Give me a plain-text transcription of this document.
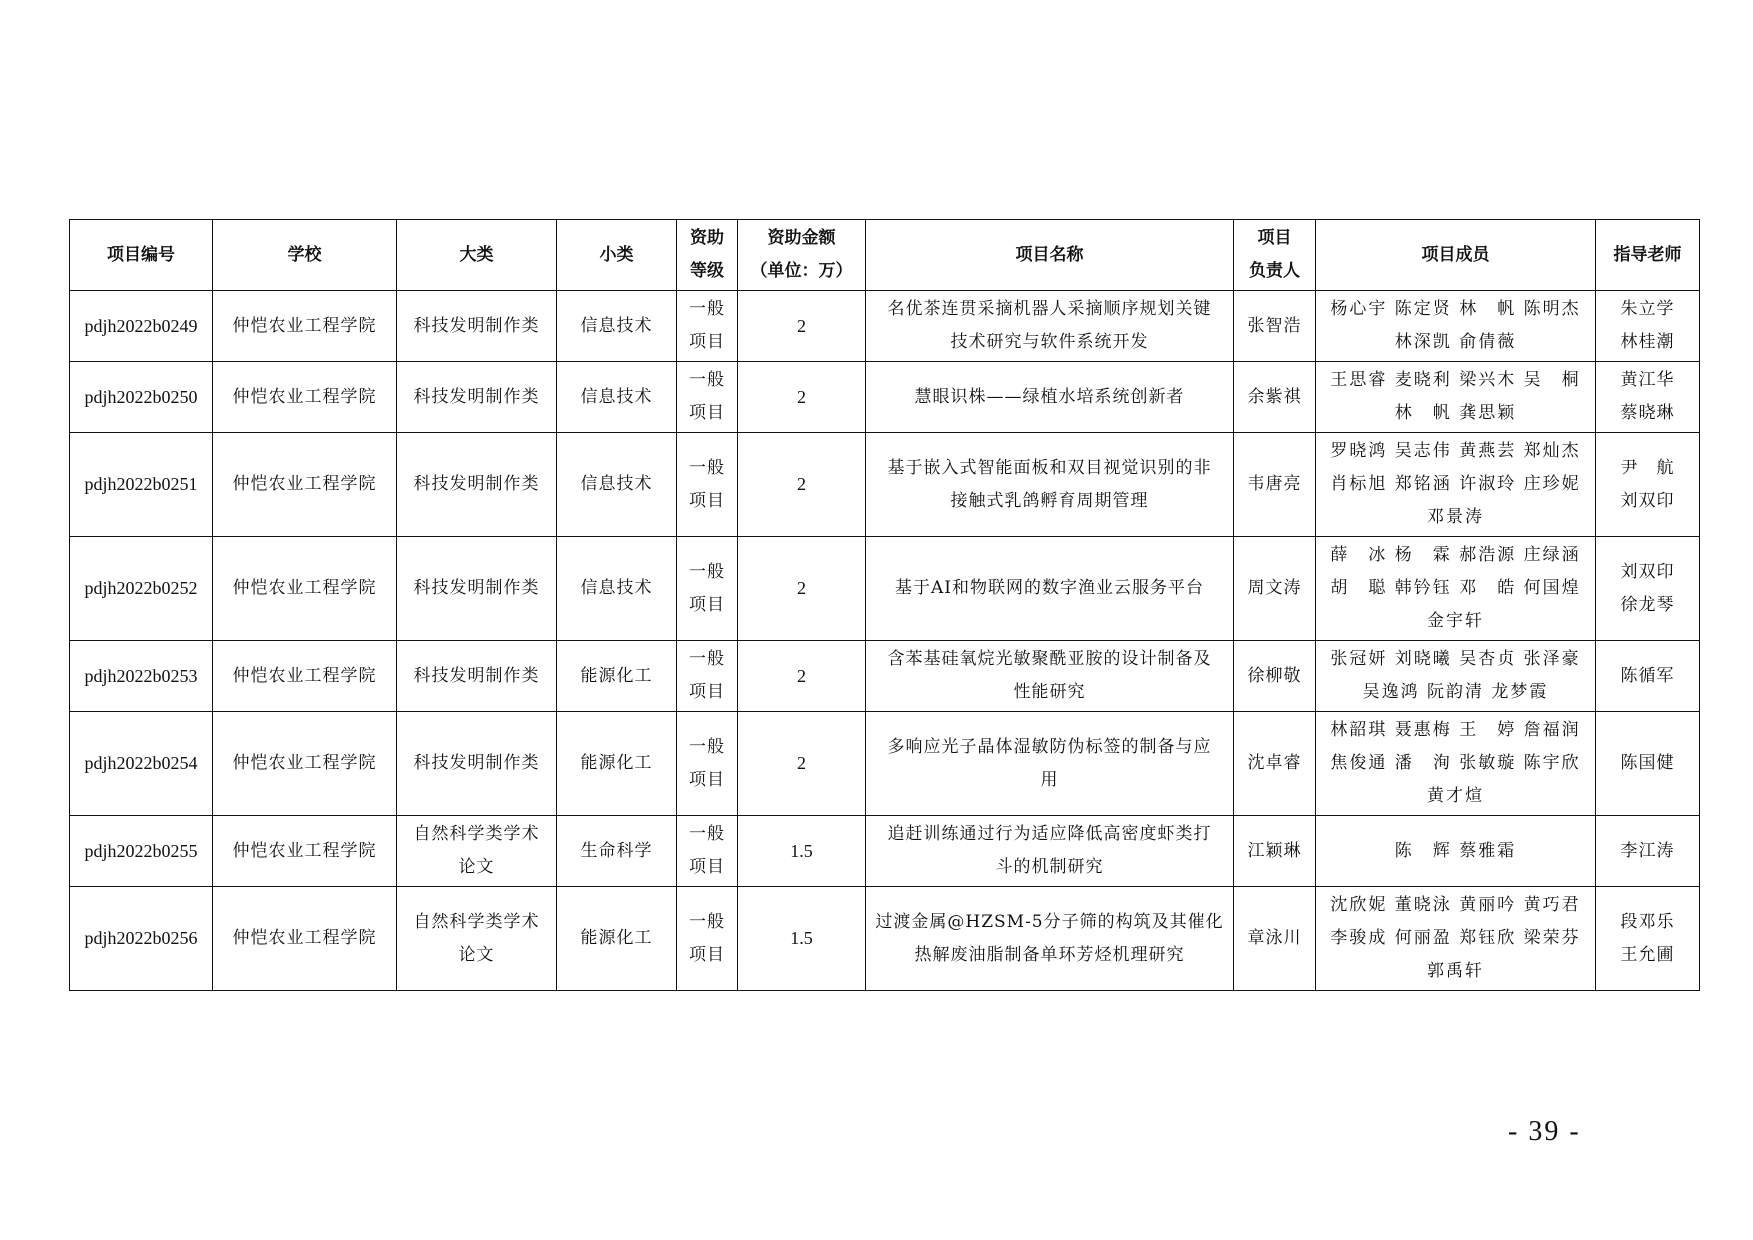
项目编号	学校	大类	小类	资助
等级	资助金额
（单位：万）	项目名称	项目
负责人	项目成员	指导老师

pdjh2022b0249	仲恺农业工程学院	科技发明制作类	信息技术	一般
项目	2	名优茶连贯采摘机器人采摘顺序规划关键
技术研究与软件系统开发	张智浩	杨心宇 陈定贤 林　帆 陈明杰
林深凯 俞倩薇	朱立学
林桂潮

pdjh2022b0250	仲恺农业工程学院	科技发明制作类	信息技术	一般
项目	2	慧眼识株——绿植水培系统创新者	余紫祺	王思睿 麦晓利 梁兴木 吴　桐
林　帆 龚思颖	黄江华
蔡晓琳

pdjh2022b0251	仲恺农业工程学院	科技发明制作类	信息技术	一般
项目	2	基于嵌入式智能面板和双目视觉识别的非
接触式乳鸽孵育周期管理	韦唐亮	罗晓鸿 吴志伟 黄燕芸 郑灿杰
肖标旭 郑铭涵 许淑玲 庄珍妮
邓景涛	尹　航
刘双印

pdjh2022b0252	仲恺农业工程学院	科技发明制作类	信息技术	一般
项目	2	基于AI和物联网的数字渔业云服务平台	周文涛	薛　冰 杨　霖 郝浩源 庄绿涵
胡　聪 韩钤钰 邓　皓 何国煌
金宇轩	刘双印
徐龙琴

pdjh2022b0253	仲恺农业工程学院	科技发明制作类	能源化工	一般
项目	2	含苯基硅氧烷光敏聚酰亚胺的设计制备及
性能研究	徐柳敬	张冠妍 刘晓曦 吴杏贞 张泽豪
吴逸鸿 阮韵清 龙梦霞	陈循军

pdjh2022b0254	仲恺农业工程学院	科技发明制作类	能源化工	一般
项目	2	多响应光子晶体湿敏防伪标签的制备与应
用	沈卓睿	林韶琪 聂惠梅 王　婷 詹福润
焦俊通 潘　洵 张敏璇 陈宇欣
黄才煊	陈国健

pdjh2022b0255	仲恺农业工程学院	自然科学类学术
论文	生命科学	一般
项目	1.5	追赶训练通过行为适应降低高密度虾类打
斗的机制研究	江颖琳	陈　辉 蔡雅霜	李江涛

pdjh2022b0256	仲恺农业工程学院	自然科学类学术
论文	能源化工	一般
项目	1.5	过渡金属@HZSM-5分子筛的构筑及其催化
热解废油脂制备单环芳烃机理研究	章泳川	沈欣妮 董晓泳 黄丽吟 黄巧君
李骏成 何丽盈 郑钰欣 梁荣芬
郭禹轩	段邓乐
王允圃
- 39 -
